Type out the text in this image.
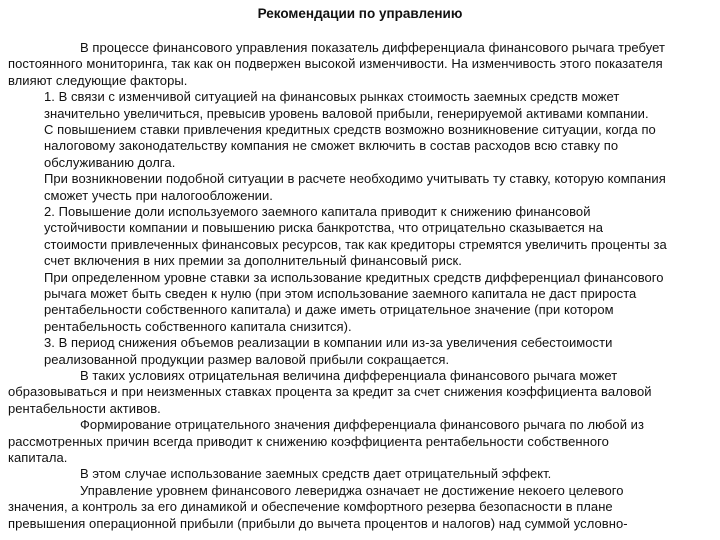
Рекомендации по управлению
В процессе финансового управления показатель дифференциала финансового рычага требует
постоянного мониторинга, так как он подвержен высокой изменчивости. На изменчивость этого показателя
влияют следующие факторы.
1. В связи с изменчивой ситуацией на финансовых рынках стоимость заемных средств может
значительно увеличиться, превысив уровень валовой прибыли, генерируемой активами компании.
С повышением ставки привлечения кредитных средств возможно возникновение ситуации, когда по
налоговому законодательству компания не сможет включить в состав расходов всю ставку по
обслуживанию долга.
При возникновении подобной ситуации в расчете необходимо учитывать ту ставку, которую компания
сможет учесть при налогообложении.
2. Повышение доли используемого заемного капитала приводит к снижению финансовой
устойчивости компании и повышению риска банкротства, что отрицательно сказывается на
стоимости привлеченных финансовых ресурсов, так как кредиторы стремятся увеличить проценты за
счет включения в них премии за дополнительный финансовый риск.
При определенном уровне ставки за использование кредитных средств дифференциал финансового
рычага может быть сведен к нулю (при этом использование заемного капитала не даст прироста
рентабельности собственного капитала) и даже иметь отрицательное значение (при котором
рентабельность собственного капитала снизится).
3. В период снижения объемов реализации в компании или из-за увеличения себестоимости
реализованной продукции размер валовой прибыли сокращается.
В таких условиях отрицательная величина дифференциала финансового рычага может
образовываться и при неизменных ставках процента за кредит за счет снижения коэффициента валовой
рентабельности активов.
Формирование отрицательного значения дифференциала финансового рычага по любой из
рассмотренных причин всегда приводит к снижению коэффициента рентабельности собственного
капитала.
В этом случае использование заемных средств дает отрицательный эффект.
Управление уровнем финансового левериджа означает не достижение некоего целевого
значения, а контроль за его динамикой и обеспечение комфортного резерва безопасности в плане
превышения операционной прибыли (прибыли до вычета процентов и налогов) над суммой условно-
